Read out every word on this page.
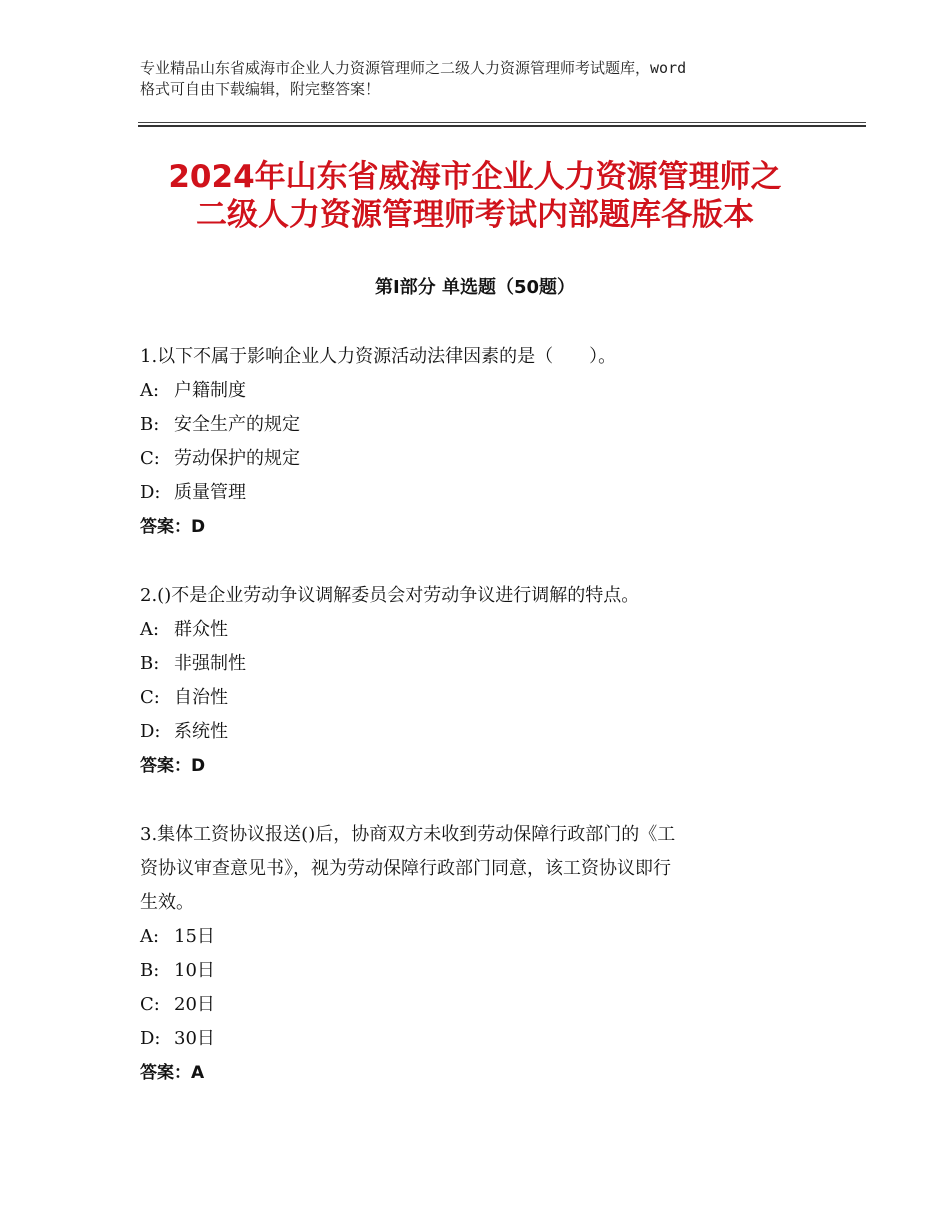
专业精品山东省威海市企业人力资源管理师之二级人力资源管理师考试题库，word
格式可自由下载编辑，附完整答案！
2024年山东省威海市企业人力资源管理师之
二级人力资源管理师考试内部题库各版本
第Ⅰ部分 单选题（50题）

1.以下不属于影响企业人力资源活动法律因素的是（　　）。

A: 户籍制度

B: 安全生产的规定

C: 劳动保护的规定

D: 质量管理

答案：D

2.()不是企业劳动争议调解委员会对劳动争议进行调解的特点。

A: 群众性

B: 非强制性

C: 自治性

D: 系统性

答案：D

3.集体工资协议报送()后，协商双方未收到劳动保障行政部门的《工

资协议审查意见书》，视为劳动保障行政部门同意，该工资协议即行

生效。

A: 15日

B: 10日

C: 20日

D: 30日

答案：A
